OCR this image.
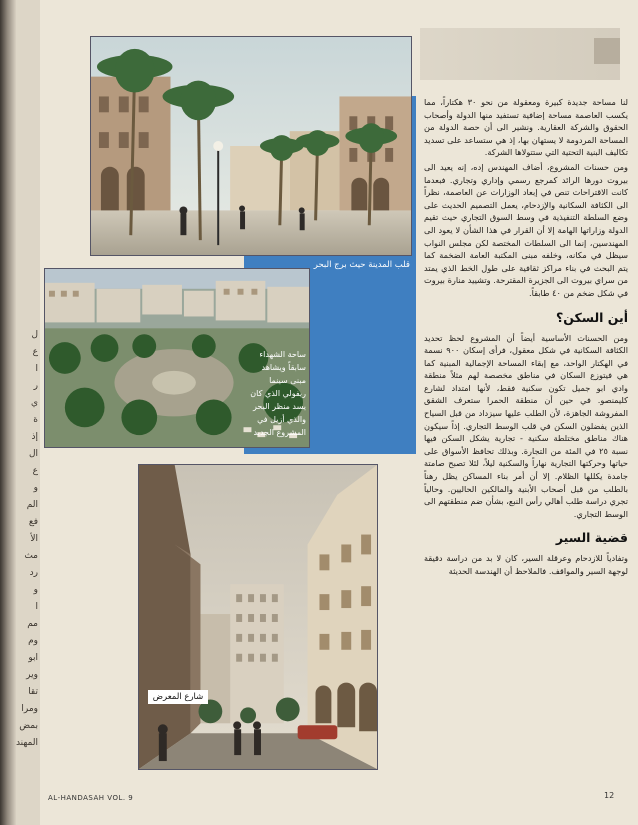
ل
ع
ا
ر
ي
ة
إذ
ال
ع
و
الم
فع
الأ
مث
رد
و
ا
مم
وم
ابو
وير
تقا
ومرا
بمض
المهند
قلب المدينة حيث برج البحر
ساحة الشهداء سابقاً ويشاهد مبنى سينما ريفولي الذي كان يسد منظر البحر والذي أزيل في المشروع الجديد
شارع المعرض

لنا مساحة جديدة كبيرة ومعقولة من نحو ٣٠ هكتاراً، مما يكسب العاصمة مساحة إضافية تستفيد منها الدولة وأصحاب الحقوق والشركة العقارية. ونشير الى أن حصة الدولة من المساحة المردومة لا يستهان بها، إذ هي ستساعد على تسديد تكاليف البنية التحتية التي ستتولاها الشركة.

ومن حسنات المشروع، أضاف المهندس إده، إنه يعيد الى بيروت دورها الرائد كمرجع رسمي وإداري وتجاري. فبعدما كانت الاقتراحات تنص في إبعاد الوزارات عن العاصمة، نظراً الى الكثافة السكانية والإزدحام، يعمل التصميم الحديث على وضع السلطة التنفيذية في وسط السوق التجاري حيث تقيم الدولة وزاراتها الهامة إلا أن القرار في هذا الشأن لا يعود الى المهندسين، إنما الى السلطات المختصة لكن مجلس النواب سيظل في مكانه، وخلفه مبنى المكتبة العامة الضخمة كما يتم البحث في بناء مراكز ثقافية على طول الخط الذي يمتد من سراي بيروت الى الجزيرة المقترحة. وتشييد منارة بيروت في شكل ضخم من ٤٠ طابقاً.

أين السكن؟

ومن الحسنات الأساسية أيضاً أن المشروع لحظ تحديد الكثافة السكانية في شكل معقول، فرأى إسكان ٩٠٠ نسمة في الهكتار الواحد، مع إبقاء المساحة الإجمالية المبنية كما هي فيتوزع السكان في مناطق مخصصة لهم مثلاً منطقة وادي ابو جميل تكون سكنية فقط، لأنها امتداد لشارع كليمنصو. في حين أن منطقة الحمرا ستعرف الشقق المفروشة الجاهزة، لأن الطلب عليها سيزداد من قبل السياح الذين يفضلون السكن في قلب الوسط التجاري. إذاً سيكون هناك مناطق مختلطة سكنية - تجارية يشكل السكن فيها نسبة ٢٥ في المئة من التجارة. وبذلك تحافظ الأسواق على حياتها وحركتها التجارية نهاراً والسكنية ليلاً، لئلا تصبح صامتة جامدة يكللها الظلام. إلا أن أمر بناء المساكن يظل رهناً بالطلب من قبل أصحاب الأبنية والمالكين الحاليين. وحالياً تجري دراسة طلب أهالي رأس النبع، بشأن ضم منطقتهم الى الوسط التجاري.

قضية السير

وتفادياً للازدحام وعرقلة السير، كان لا بد من دراسة دقيقة لوجهة السير والمواقف. فالملاحظ أن الهندسة الحديثة

AL-HANDASAH VOL. 9	12
